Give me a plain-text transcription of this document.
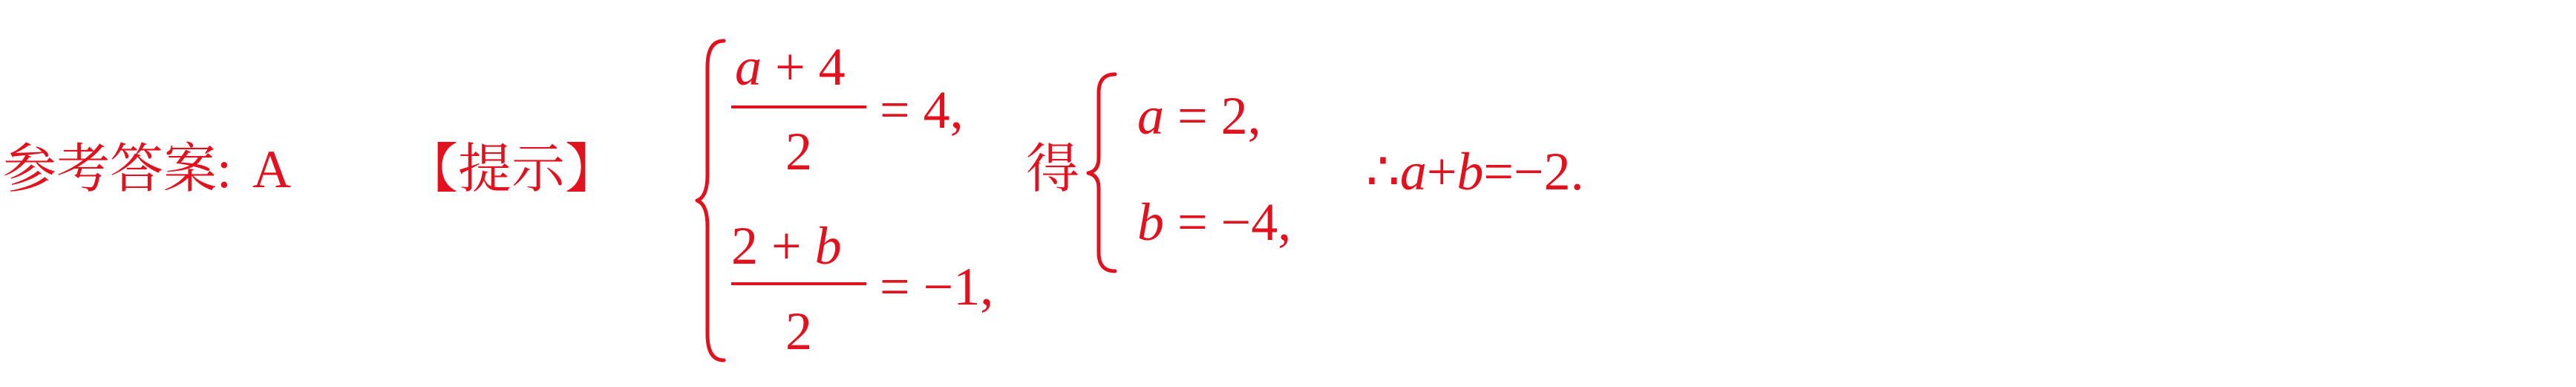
参考答案: A 【提示】
a + 4
2
= 4,
2 + b
2
= −1,
得
a = 2,
b = −4,
∴a+b=−2.
